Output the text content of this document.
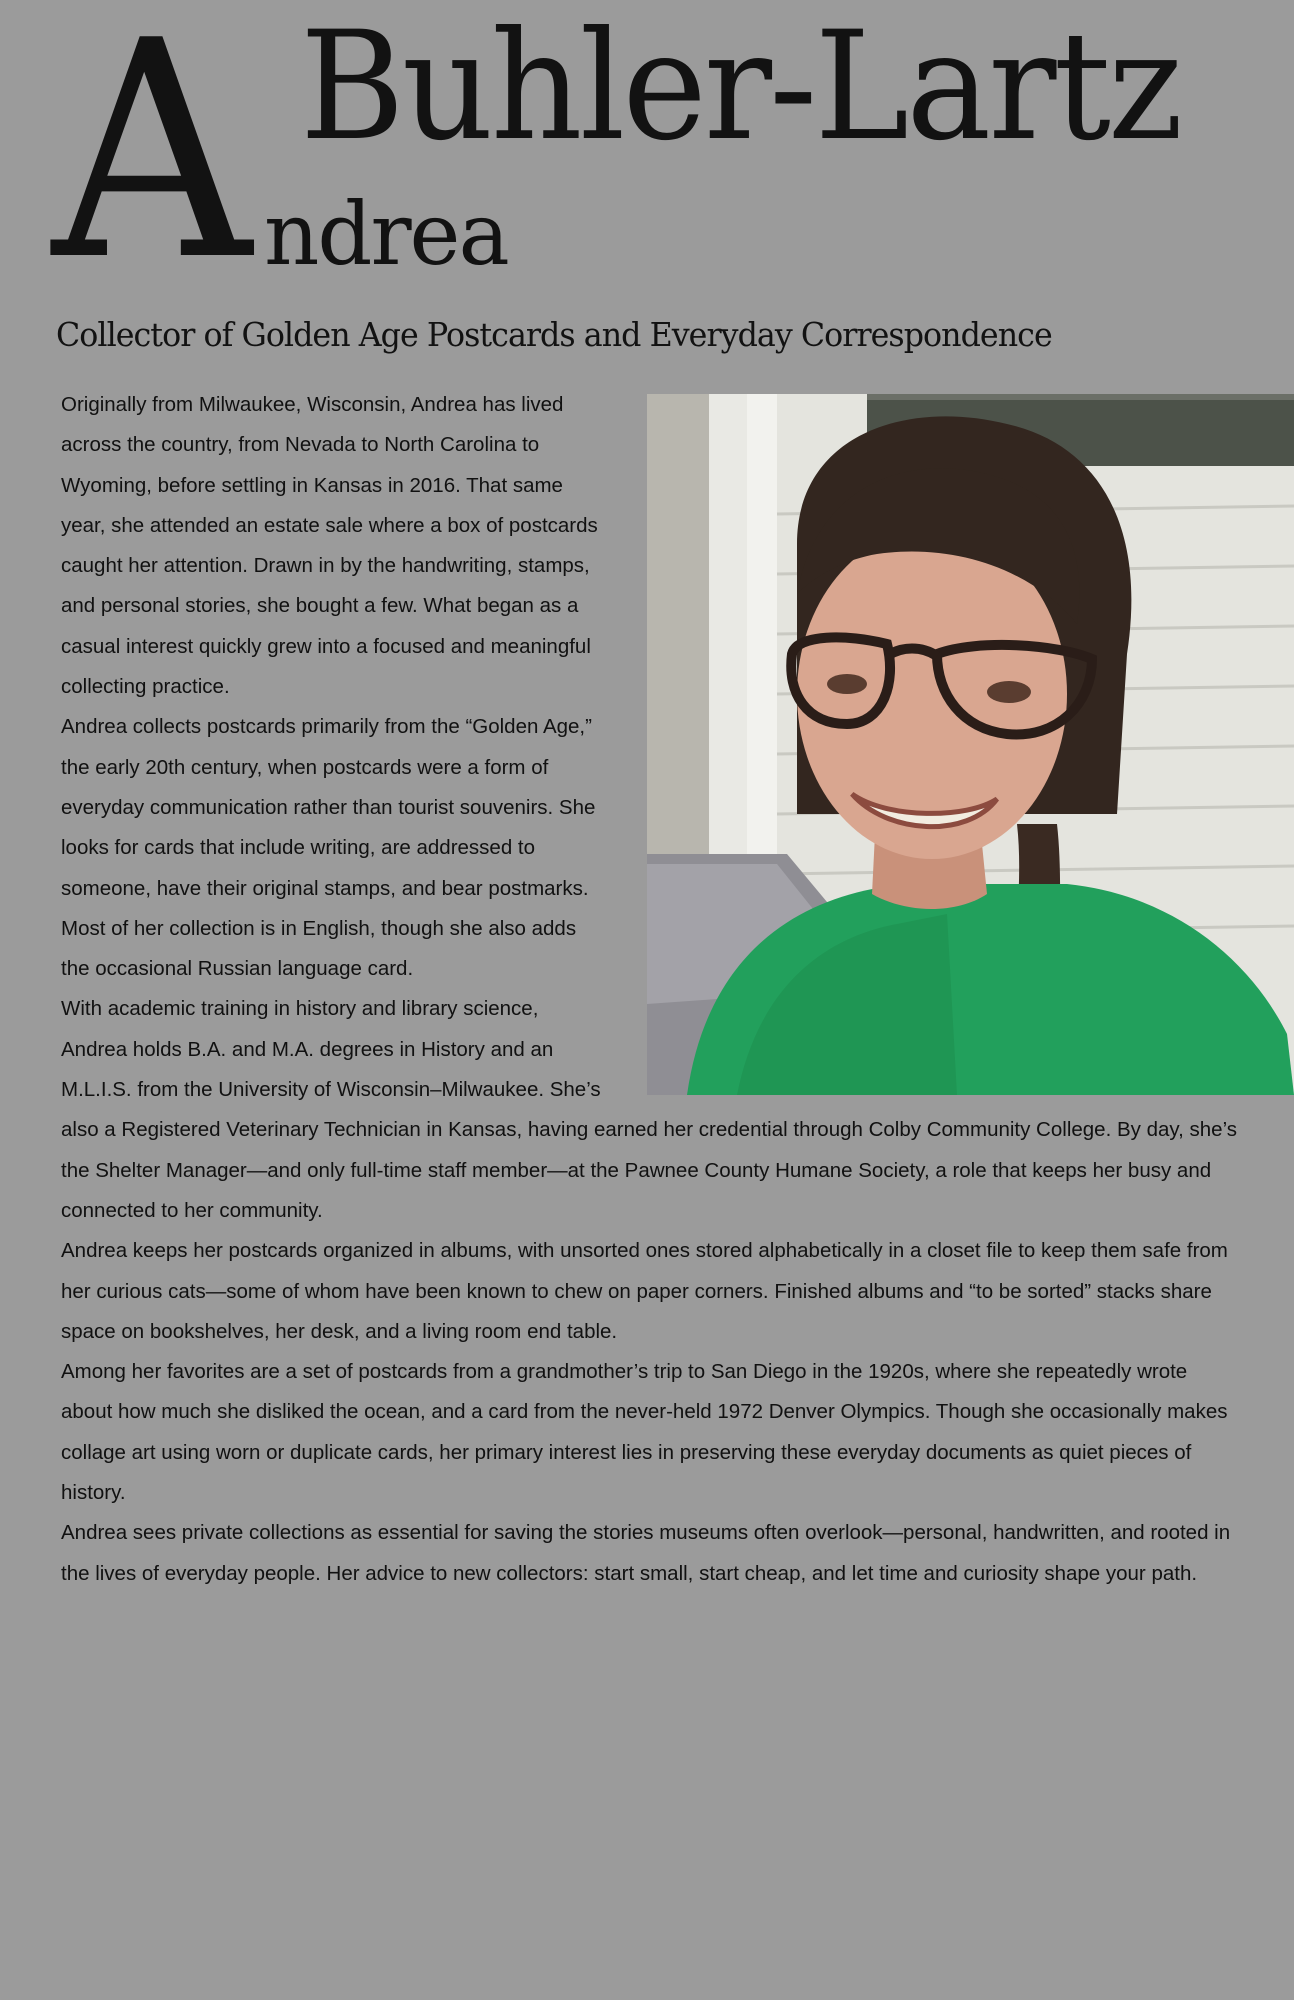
A Buhler-Lartz
ndrea
Collector of Golden Age Postcards and Everyday Correspondence

Originally from Milwaukee, Wisconsin, Andrea has lived across the country, from Nevada to North Carolina to Wyoming, before settling in Kansas in 2016. That same year, she attended an estate sale where a box of postcards caught her attention. Drawn in by the handwriting, stamps, and personal stories, she bought a few. What began as a casual interest quickly grew into a focused and meaningful collecting practice.

Andrea collects postcards primarily from the “Golden Age,” the early 20th century, when postcards were a form of everyday communication rather than tourist souvenirs. She looks for cards that include writing, are addressed to someone, have their original stamps, and bear postmarks. Most of her collection is in English, though she also adds the occasional Russian language card.

With academic training in history and library science, Andrea holds B.A. and M.A. degrees in History and an M.L.I.S. from the University of Wisconsin–Milwaukee. She’s also a Registered Veterinary Technician in Kansas, having earned her credential through Colby Community College. By day, she’s the Shelter Manager—and only full-time staff member—at the Pawnee County Humane Society, a role that keeps her busy and connected to her community.

Andrea keeps her postcards organized in albums, with unsorted ones stored alphabetically in a closet file to keep them safe from her curious cats—some of whom have been known to chew on paper corners. Finished albums and “to be sorted” stacks share space on bookshelves, her desk, and a living room end table.

Among her favorites are a set of postcards from a grandmother’s trip to San Diego in the 1920s, where she repeatedly wrote about how much she disliked the ocean, and a card from the never-held 1972 Denver Olympics. Though she occasionally makes collage art using worn or duplicate cards, her primary interest lies in preserving these everyday documents as quiet pieces of history.

Andrea sees private collections as essential for saving the stories museums often overlook—personal, handwritten, and rooted in the lives of everyday people. Her advice to new collectors: start small, start cheap, and let time and curiosity shape your path.
